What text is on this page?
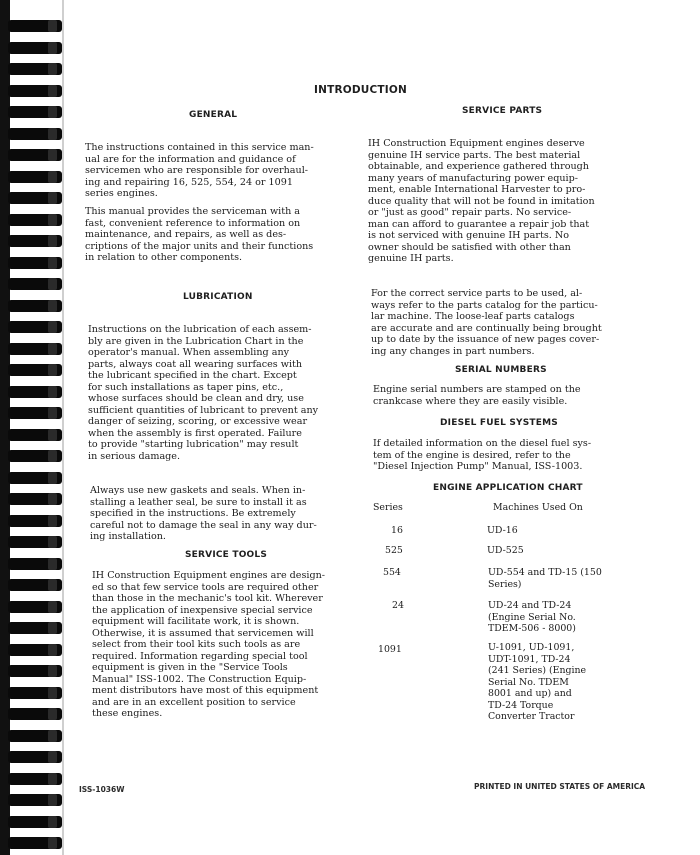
INTRODUCTION
GENERAL

The instructions contained in this service man-
ual are for the information and guidance of
servicemen who are responsible for overhaul-
ing and repairing 16, 525, 554, 24 or 1091
series engines.

This manual provides the serviceman with a
fast, convenient reference to information on
maintenance, and repairs, as well as des-
criptions of the major units and their functions
in relation to other components.

LUBRICATION

Instructions on the lubrication of each assem-
bly are given in the Lubrication Chart in the
operator's manual. When assembling any
parts, always coat all wearing surfaces with
the lubricant specified in the chart. Except
for such installations as taper pins, etc.,
whose surfaces should be clean and dry, use
sufficient quantities of lubricant to prevent any
danger of seizing, scoring, or excessive wear
when the assembly is first operated. Failure
to provide "starting lubrication" may result
in serious damage.

Always use new gaskets and seals. When in-
stalling a leather seal, be sure to install it as
specified in the instructions. Be extremely
careful not to damage the seal in any way dur-
ing installation.

SERVICE TOOLS

IH Construction Equipment engines are design-
ed so that few service tools are required other
than those in the mechanic's tool kit. Wherever
the application of inexpensive special service
equipment will facilitate work, it is shown.
Otherwise, it is assumed that servicemen will
select from their tool kits such tools as are
required. Information regarding special tool
equipment is given in the "Service Tools
Manual" ISS-1002. The Construction Equip-
ment distributors have most of this equipment
and are in an excellent position to service
these engines.

SERVICE PARTS

IH Construction Equipment engines deserve
genuine IH service parts. The best material
obtainable, and experience gathered through
many years of manufacturing power equip-
ment, enable International Harvester to pro-
duce quality that will not be found in imitation
or "just as good" repair parts. No service-
man can afford to guarantee a repair job that
is not serviced with genuine IH parts. No
owner should be satisfied with other than
genuine IH parts.

For the correct service parts to be used, al-
ways refer to the parts catalog for the particu-
lar machine. The loose-leaf parts catalogs
are accurate and are continually being brought
up to date by the issuance of new pages cover-
ing any changes in part numbers.

SERIAL NUMBERS

Engine serial numbers are stamped on the
crankcase where they are easily visible.

DIESEL FUEL SYSTEMS

If detailed information on the diesel fuel sys-
tem of the engine is desired, refer to the
"Diesel Injection Pump" Manual, ISS-1003.

ENGINE APPLICATION CHART
Series	Machines Used On
16	UD-16
525	UD-525
554	UD-554 and TD-15 (150
Series)
24	UD-24 and TD-24
(Engine Serial No.
TDEM-506 - 8000)
1091	U-1091, UD-1091,
UDT-1091, TD-24
(241 Series) (Engine
Serial No. TDEM
8001 and up) and
TD-24 Torque
Converter Tractor
ISS-1036W	PRINTED IN UNITED STATES OF AMERICA
